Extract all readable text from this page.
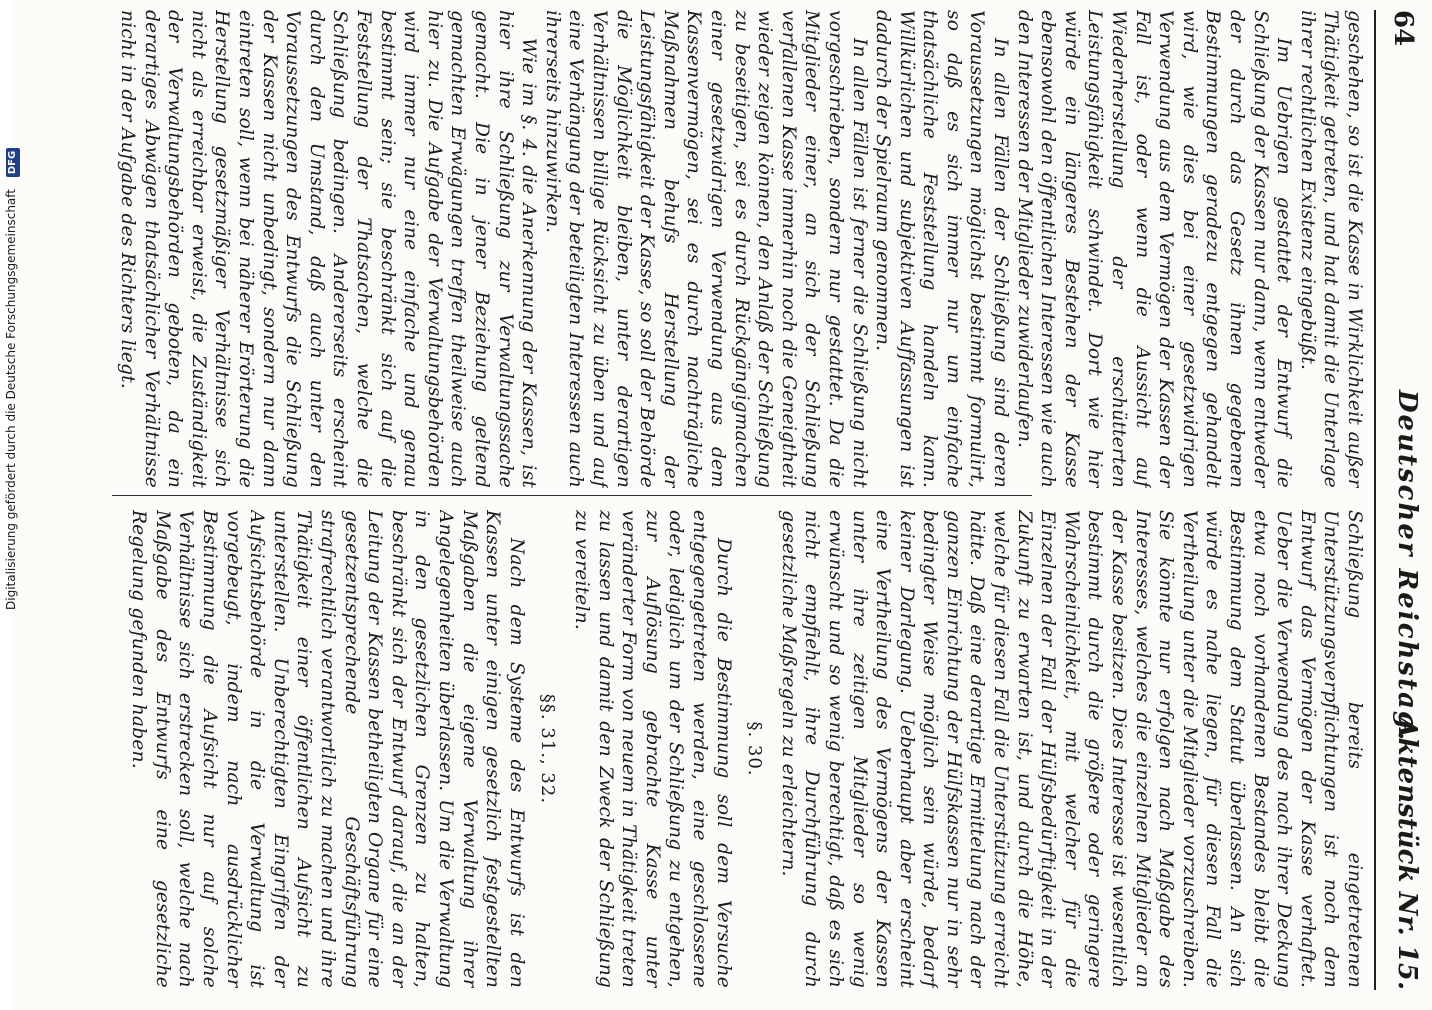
64
Deutscher Reichstag.
Aktenstück Nr. 15.

geschehen, so ist die Kasse in Wirklichkeit außer Thätigkeit getreten, und hat damit die Unterlage ihrer rechtlichen Existenz eingebüßt.

Im Uebrigen gestattet der Entwurf die Schließung der Kassen nur dann, wenn entweder der durch das Gesetz ihnen gegebenen Bestimmungen geradezu entgegen gehandelt wird, wie dies bei einer gesetzwidrigen Verwendung aus dem Vermögen der Kassen der Fall ist, oder wenn die Aussicht auf Wiederherstellung der erschütterten Leistungsfähigkeit schwindet. Dort wie hier würde ein längeres Bestehen der Kasse ebensowohl den öffentlichen Interessen wie auch den Interessen der Mitglieder zuwiderlaufen.

In allen Fällen der Schließung sind deren Voraussetzungen möglichst bestimmt formulirt, so daß es sich immer nur um einfache thatsächliche Feststellung handeln kann. Willkürlichen und subjektiven Auffassungen ist dadurch der Spielraum genommen.

In allen Fällen ist ferner die Schließung nicht vorgeschrieben, sondern nur gestattet. Da die Mitglieder einer, an sich der Schließung verfallenen Kasse immerhin noch die Geneigtheit wieder zeigen können, den Anlaß der Schließung zu beseitigen, sei es durch Rückgängigmachen einer gesetzwidrigen Verwendung aus dem Kassenvermögen, sei es durch nachträgliche Maßnahmen behufs Herstellung der Leistungsfähigkeit der Kasse, so soll der Behörde die Möglichkeit bleiben, unter derartigen Verhältnissen billige Rücksicht zu üben und auf eine Verhängung der beteiligten Interessen auch ihrerseits hinzuwirken.

Wie im §. 4. die Anerkennung der Kassen, ist hier ihre Schließung zur Verwaltungssache gemacht. Die in jener Beziehung geltend gemachten Erwägungen treffen theilweise auch hier zu. Die Aufgabe der Verwaltungsbehörden wird immer nur eine einfache und genau bestimmt sein; sie beschränkt sich auf die Feststellung der Thatsachen, welche die Schließung bedingen. Andererseits erscheint durch den Umstand, daß auch unter den Voraussetzungen des Entwurfs die Schließung der Kassen nicht unbedingt, sondern nur dann eintreten soll, wenn bei näherer Erörterung die Herstellung gesetzmäßiger Verhältnisse sich nicht als erreichbar erweist, die Zuständigkeit der Verwaltungsbehörden geboten, da ein derartiges Abwägen thatsächlicher Verhältnisse nicht in der Aufgabe des Richters liegt.

Schließung bereits eingetretenen Unterstützungsverpflichtungen ist noch dem Entwurf das Vermögen der Kasse verhaftet. Ueber die Verwendung des nach ihrer Deckung etwa noch vorhandenen Bestandes bleibt die Bestimmung dem Statut überlassen. An sich würde es nahe liegen, für diesen Fall die Vertheilung unter die Mitglieder vorzuschreiben. Sie könnte nur erfolgen nach Maßgabe des Interesses, welches die einzelnen Mitglieder an der Kasse besitzen. Dies Interesse ist wesentlich bestimmt durch die größere oder geringere Wahrscheinlichkeit, mit welcher für die Einzelnen der Fall der Hülfsbedürftigkeit in der Zukunft zu erwarten ist, und durch die Höhe, welche für diesen Fall die Unterstützung erreicht hätte. Daß eine derartige Ermittelung nach der ganzen Einrichtung der Hülfskassen nur in sehr bedingter Weise möglich sein würde, bedarf keiner Darlegung. Ueberhaupt aber erscheint eine Vertheilung des Vermögens der Kassen unter ihre zeitigen Mitglieder so wenig erwünscht und so wenig berechtigt, daß es sich nicht empfiehlt, ihre Durchführung durch gesetzliche Maßregeln zu erleichtern.

§. 30.

Durch die Bestimmung soll dem Versuche entgegengetreten werden, eine geschlossene oder, lediglich um der Schließung zu entgehen, zur Auflösung gebrachte Kasse unter veränderter Form von neuem in Thätigkeit treten zu lassen und damit den Zweck der Schließung zu vereiteln.

§§. 31., 32.

Nach dem Systeme des Entwurfs ist den Kassen unter einigen gesetzlich festgestellten Maßgaben die eigene Verwaltung ihrer Angelegenheiten überlassen. Um die Verwaltung in den gesetzlichen Grenzen zu halten, beschränkt sich der Entwurf darauf, die an der Leitung der Kassen betheiligten Organe für eine gesetzentsprechende Geschäftsführung strafrechtlich verantwortlich zu machen und ihre Thätigkeit einer öffentlichen Aufsicht zu unterstellen. Unberechtigten Eingriffen der Aufsichtsbehörde in die Verwaltung ist vorgebeugt, indem nach ausdrücklicher Bestimmung die Aufsicht nur auf solche Verhältnisse sich erstrecken soll, welche nach Maßgabe des Entwurfs eine gesetzliche Regelung gefunden haben.

Digitalisierung gefördert durch die Deutsche Forschungsgemeinschaft DFG
